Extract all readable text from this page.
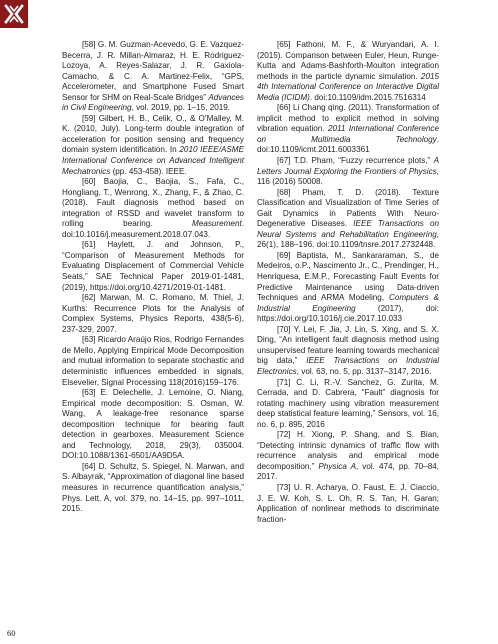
[58] G. M. Guzman-Acevedo, G. E. Vazquez-Becerra, J. R. Millan-Almaraz, H. E. Rodriguez-Lozoya, A. Reyes-Salazar, J. R. Gaxiola-Camacho, & C. A. Martinez-Felix, “GPS, Accelerometer, and Smartphone Fused Smart Sensor for SHM on Real-Scale Bridges” Advances in Civil Engineering, vol. 2019, pp. 1–15, 2019.

[59] Gilbert, H. B., Celik, O., & O’Malley, M. K. (2010, July). Long-term double integration of acceleration for position sensing and frequency domain system identification. In 2010 IEEE/ASME International Conference on Advanced Intelligent Mechatronics (pp. 453-458). IEEE.

[60] Baojia, C., Baojia, S., Fafa, C., Hongliang, T., Wenrong, X., Zhang, F., & Zhao, C. (2018). Fault diagnosis method based on integration of RSSD and wavelet transform to rolling bearing. Measurement. doi:10.1016/j.measurement.2018.07.043.

[61] Haylett, J. and Johnson, P., “Comparison of Measurement Methods for Evaluating Displacement of Commercial Vehicle Seats,” SAE Technical Paper 2019-01-1481, (2019), https://doi.org/10.4271/2019-01-1481.

[62] Marwan, M. C. Romano, M. Thiel, J. Kurths: Recurrence Plots for the Analysis of Complex Systems, Physics Reports, 438(5-6), 237-329, 2007.

[63] Ricardo Araújo Rios, Rodrigo Fernandes de Mello, Applying Empirical Mode Decomposition and mutual information to separate stochastic and deterministic influences embedded in signals, Elsevelier, Signal Processing 118(2016)159–176.

[63] E. Delechelle, J. Lemoine, O. Niang, Empirical mode decomposition: S. Osman, W. Wang, A leakage-free resonance sparse decomposition technique for bearing fault detection in gearboxes. Measurement Science and Technology, 2018, 29(3), 035004. DOI:10.1088/1361-6501/AA9D5A.

[64] D. Schultz, S. Spiegel, N. Marwan, and S. Albayrak, “Approximation of diagonal line based measures in recurrence quantification analysis,” Phys. Lett. A, vol. 379, no. 14–15, pp. 997–1011, 2015.

[65] Fathoni, M. F., & Wuryandari, A. I. (2015). Comparison between Euler, Heun, Runge-Kutta and Adams-Bashforth-Moulton integration methods in the particle dynamic simulation. 2015 4th International Conference on Interactive Digital Media (ICIDM). doi:10.1109/idm.2015.7516314

[66] Li Chang qing. (2011). Transformation of implicit method to explicit method in solving vibration equation. 2011 International Conference on Multimedia Technology. doi:10.1109/icmt.2011.6003361

[67] T.D. Pham, “Fuzzy recurrence plots,” A Letters Journal Exploring the Frontiers of Physics, 116 (2016) 50008.

[68] Pham, T. D. (2018). Texture Classification and Visualization of Time Series of Gait Dynamics in Patients With Neuro-Degenerative Diseases. IEEE Transactions on Neural Systems and Rehabilitation Engineering, 26(1), 188–196. doi:10.1109/tnsre.2017.2732448.

[69] Baptista, M., Sankararaman, S., de Medeiros, o.P., Nascimento Jr., C., Prendinger, H., Henriquesa, E.M.P., Forecasting Fault Events for Predictive Maintenance using Data-driven Techniques and ARMA Modeling, Computers & Industrial Engineering (2017), doi: https://doi.org/10.1016/j.cie.2017.10.033

[70] Y. Lei, F. Jia, J. Lin, S. Xing, and S. X. Ding, “An intelligent fault diagnosis method using unsupervised feature learning towards mechanical big data,” IEEE Transactions on Industrial Electronics, vol. 63, no. 5, pp. 3137–3147, 2016.

[71] C. Li, R.-V. Sanchez, G. Zurita, M. Cerrada, and D. Cabrera, “Fault” diagnosis for rotating machinery using vibration measurement deep statistical feature learning,” Sensors, vol. 16, no. 6, p. 895, 2016

[72] H. Xiong, P. Shang, and S. Bian, “Detecting intrinsic dynamics of traffic flow with recurrence analysis and empirical mode decomposition,” Physica A, vol. 474, pp. 70–84, 2017.

[73] U. R. Acharya, O. Faust, E. J. Ciaccio, J. E. W. Koh, S. L. Oh, R. S. Tan, H. Garan; Application of nonlinear methods to discriminate fraction-

60
